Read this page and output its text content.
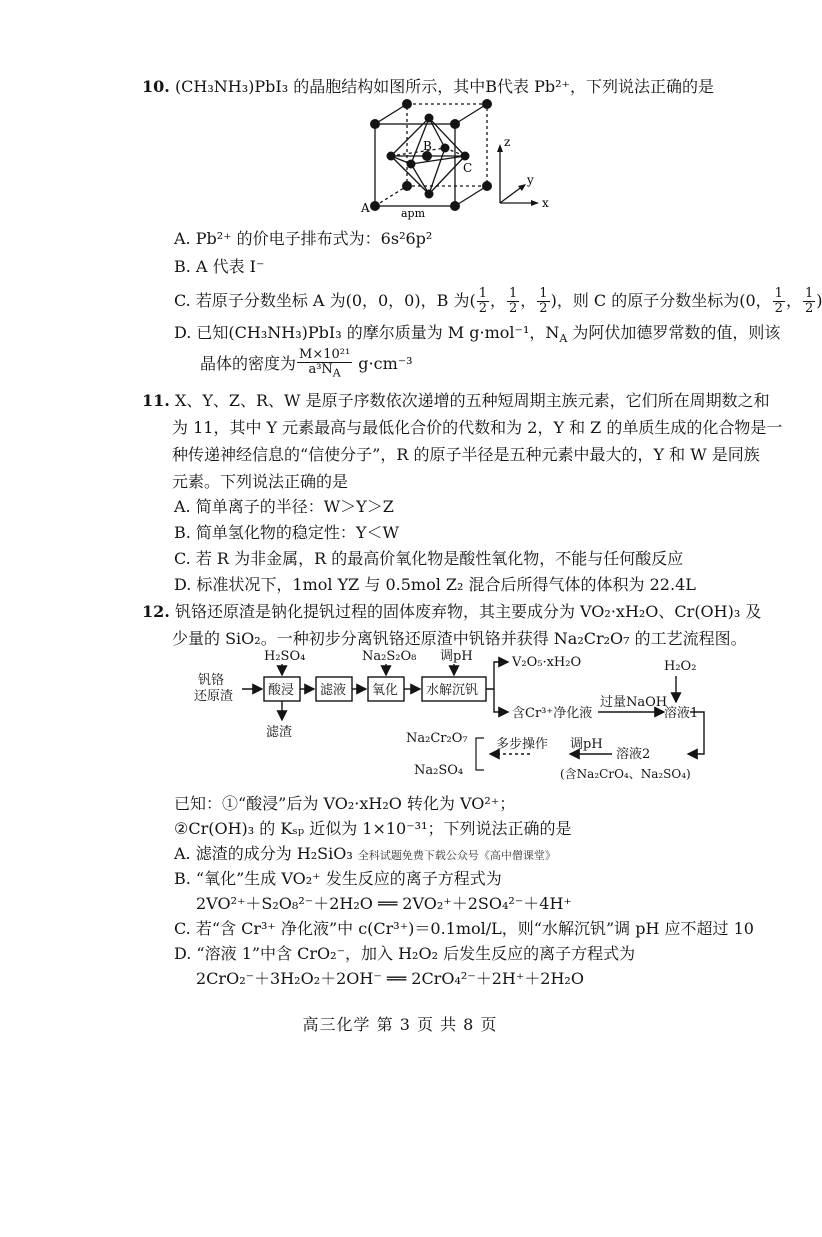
10. (CH₃NH₃)PbI₃ 的晶胞结构如图所示，其中B代表 Pb²⁺，下列说法正确的是
A
B
C
apm
z
y
x
A. Pb²⁺ 的价电子排布式为：6s²6p²
B. A 代表 I⁻
C. 若原子分数坐标 A 为(0，0，0)，B 为( $\frac{1}{2}$ ， $\frac{1}{2}$ ， $\frac{1}{2}$ )，则 C 的原子分数坐标为(0， $\frac{1}{2}$ ， $\frac{1}{2}$ )
D. 已知(CH₃NH₃)PbI₃ 的摩尔质量为 M g·mol⁻¹，$N_A$ 为阿伏加德罗常数的值，则该
晶体的密度为 $\frac{\text{M×10²¹}}{a^3N_A} g\cdot cm^{-3}$
11. X、Y、Z、R、W 是原子序数依次递增的五种短周期主族元素，它们所在周期数之和
为 11，其中 Y 元素最高与最低化合价的代数和为 2，Y 和 Z 的单质生成的化合物是一
种传递神经信息的“信使分子”，R 的原子半径是五种元素中最大的，Y 和 W 是同族
元素。下列说法正确的是
A. 简单离子的半径：W＞Y＞Z
B. 简单氢化物的稳定性：Y＜W
C. 若 R 为非金属，R 的最高价氧化物是酸性氧化物，不能与任何酸反应
D. 标准状况下，1mol YZ 与 0.5mol Z₂ 混合后所得气体的体积为 22.4L
12. 钒铬还原渣是钠化提钒过程的固体废弃物，其主要成分为 VO₂·xH₂O、Cr(OH)₃ 及
少量的 SiO₂。一种初步分离钒铬还原渣中钒铬并获得 Na₂Cr₂O₇ 的工艺流程图。
钒铬
还原渣
H₂SO₄
酸浸 滤液
Na₂S₂O₈
氧化
调pH
水解沉钒
滤渣
V₂O₅·xH₂O
含Cr³⁺净化液
过量NaOH
H₂O₂
溶液1
溶液2
调pH
多步操作
(含Na₂CrO₄、Na₂SO₄)
Na₂Cr₂O₇
Na₂SO₄
已知：①“酸浸”后为 VO₂·xH₂O 转化为 VO²⁺；
②Cr(OH)₃ 的 Kₛₚ 近似为 1×10⁻³¹；下列说法正确的是
A. 滤渣的成分为 H₂SiO₃ 全科试题免费下载公众号《高中僧课堂》
B. “氧化”生成 VO₂⁺ 发生反应的离子方程式为
2VO²⁺＋S₂O₈²⁻＋2H₂O ══ 2VO₂⁺＋2SO₄²⁻＋4H⁺
C. 若“含 Cr³⁺ 净化液”中 c(Cr³⁺)＝0.1mol/L，则“水解沉钒”调 pH 应不超过 10
D. “溶液 1”中含 CrO₂⁻，加入 H₂O₂ 后发生反应的离子方程式为
2CrO₂⁻＋3H₂O₂＋2OH⁻ ══ 2CrO₄²⁻＋2H⁺＋2H₂O
高三化学 第 3 页 共 8 页
